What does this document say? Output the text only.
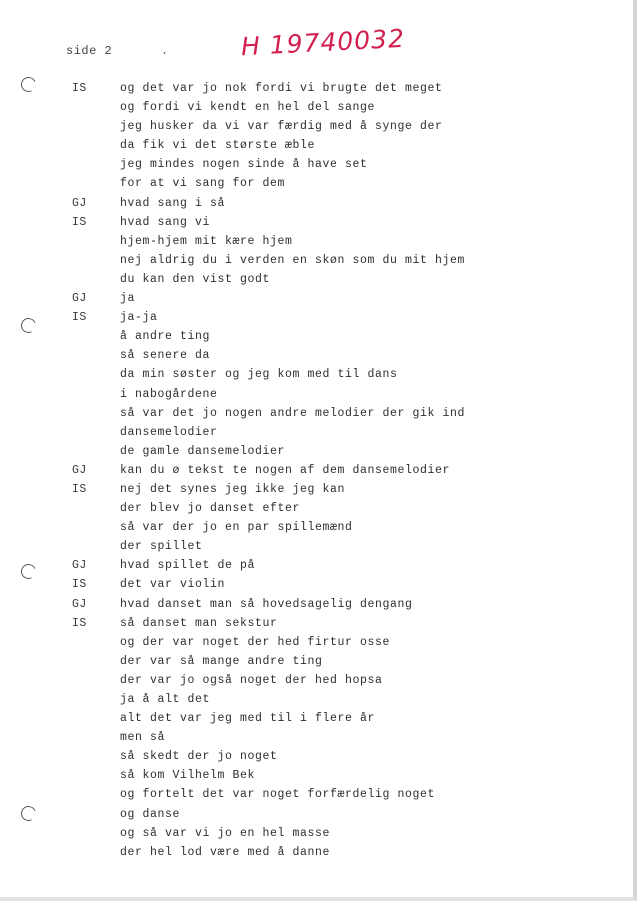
side 2	.	H 19740032
IS	og det var jo nok fordi vi brugte det meget
og fordi vi kendt en hel del sange
jeg husker da vi var færdig med å synge der
da fik vi det største æble
jeg mindes nogen sinde å have set
for at vi sang for dem
GJ	hvad sang i så
IS	hvad sang vi
hjem-hjem mit kære hjem
nej aldrig du i verden en skøn som du mit hjem
du kan den vist godt
GJ	ja
IS	ja-ja
å andre ting
så senere da
da min søster og jeg kom med til dans
i nabogårdene
så var det jo nogen andre melodier der gik ind
dansemelodier
de gamle dansemelodier
GJ	kan du ø tekst te nogen af dem dansemelodier
IS	nej det synes jeg ikke jeg kan
der blev jo danset efter
så var der jo en par spillemænd
der spillet
GJ	hvad spillet de på
IS	det var violin
GJ	hvad danset man så hovedsagelig dengang
IS	så danset man sekstur
og der var noget der hed firtur osse
der var så mange andre ting
der var jo også noget der hed hopsa
ja å alt det
alt det var jeg med til i flere år
men så
så skedt der jo noget
så kom Vilhelm Bek
og fortelt det var noget forfærdelig noget
og danse
og så var vi jo en hel masse
der hel lod være med å danne
